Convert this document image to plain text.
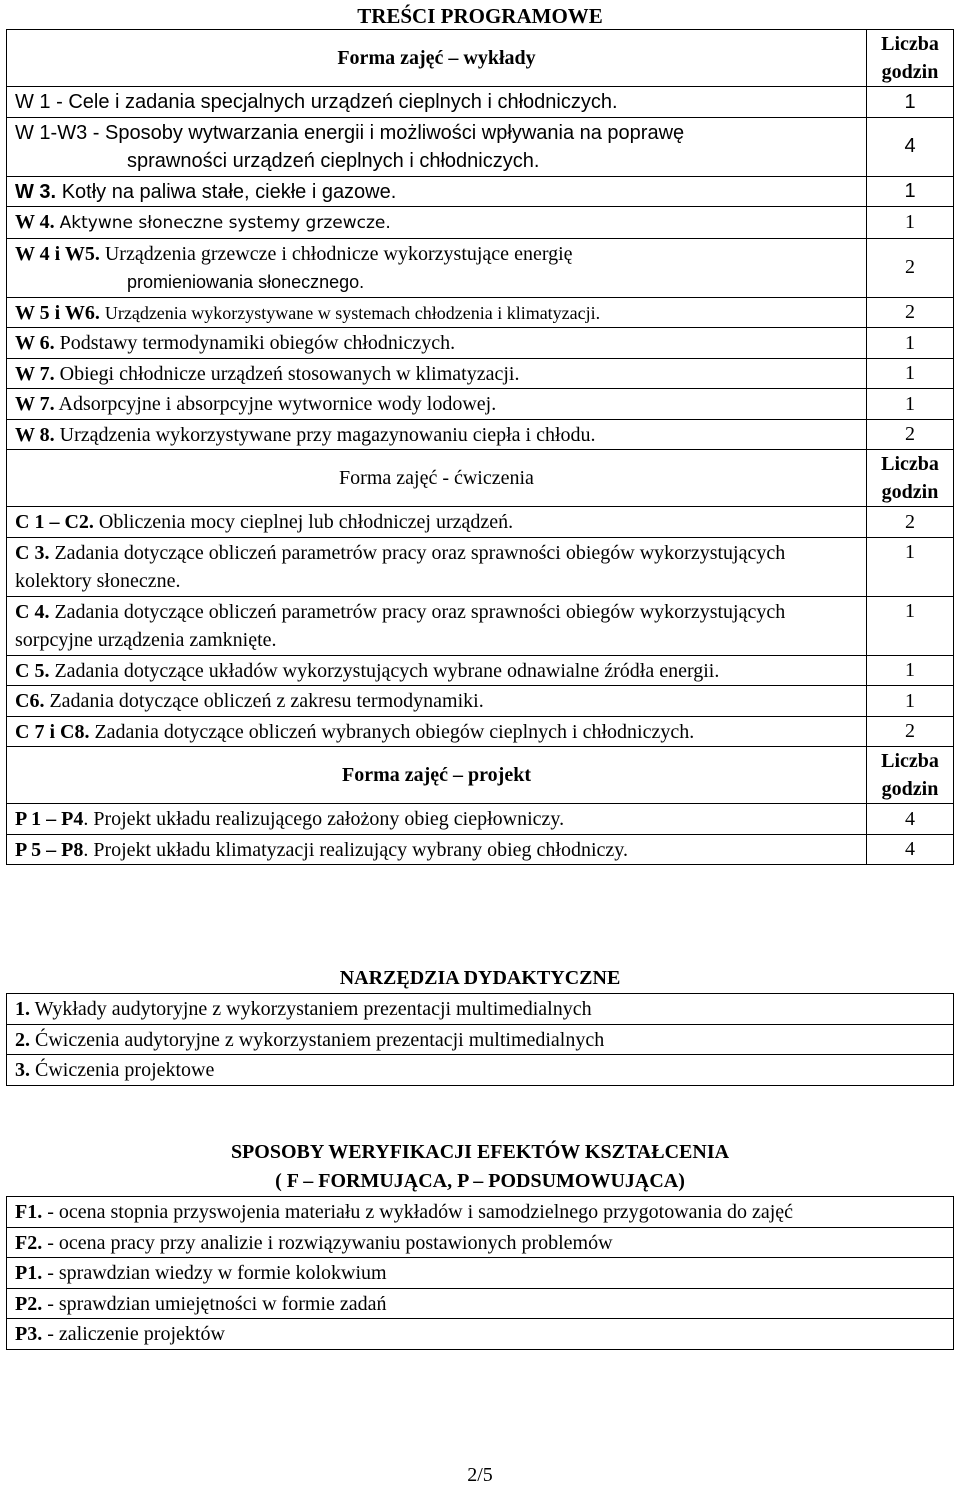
TREŚCI PROGRAMOWE
Forma zajęć – wykłady	Liczba
godzin
W 1 - Cele i zadania specjalnych urządzeń cieplnych i chłodniczych.	1
W 1-W3 - Sposoby wytwarzania energii i możliwości wpływania na poprawę
sprawności urządzeń cieplnych i chłodniczych.	4
W 3. Kotły na paliwa stałe, ciekłe i gazowe.	1
W 4. Aktywne słoneczne systemy grzewcze.	1
W 4 i W5. Urządzenia grzewcze i chłodnicze wykorzystujące energię
promieniowania słonecznego.	2
W 5 i W6. Urządzenia wykorzystywane w systemach chłodzenia i klimatyzacji.	2
W 6. Podstawy termodynamiki obiegów chłodniczych.	1
W 7. Obiegi chłodnicze urządzeń stosowanych w klimatyzacji.	1
W 7. Adsorpcyjne i absorpcyjne wytwornice wody lodowej.	1
W 8. Urządzenia wykorzystywane przy magazynowaniu ciepła i chłodu.	2
Forma zajęć - ćwiczenia	Liczba
godzin
C 1 – C2. Obliczenia mocy cieplnej lub chłodniczej urządzeń.	2
C 3. Zadania dotyczące obliczeń parametrów pracy oraz sprawności obiegów wykorzystujących kolektory słoneczne.	1
C 4. Zadania dotyczące obliczeń parametrów pracy oraz sprawności obiegów wykorzystujących sorpcyjne urządzenia zamknięte.	1
C 5. Zadania dotyczące układów wykorzystujących wybrane odnawialne źródła energii.	1
C6. Zadania dotyczące obliczeń z zakresu termodynamiki.	1
C 7 i C8. Zadania dotyczące obliczeń wybranych obiegów cieplnych i chłodniczych.	2
Forma zajęć – projekt	Liczba
godzin
P 1 – P4. Projekt układu realizującego założony obieg ciepłowniczy.	4
P 5 – P8. Projekt układu klimatyzacji realizujący wybrany obieg chłodniczy.	4
NARZĘDZIA DYDAKTYCZNE
1. Wykłady audytoryjne z wykorzystaniem prezentacji multimedialnych
2. Ćwiczenia audytoryjne z wykorzystaniem prezentacji multimedialnych
3. Ćwiczenia projektowe
SPOSOBY WERYFIKACJI EFEKTÓW KSZTAŁCENIA
( F – FORMUJĄCA, P – PODSUMOWUJĄCA)
F1. - ocena stopnia przyswojenia materiału z wykładów i samodzielnego przygotowania do zajęć
F2. - ocena pracy przy analizie i rozwiązywaniu postawionych problemów
P1. - sprawdzian wiedzy w formie kolokwium
P2. - sprawdzian umiejętności w formie zadań
P3. - zaliczenie projektów
2/5
